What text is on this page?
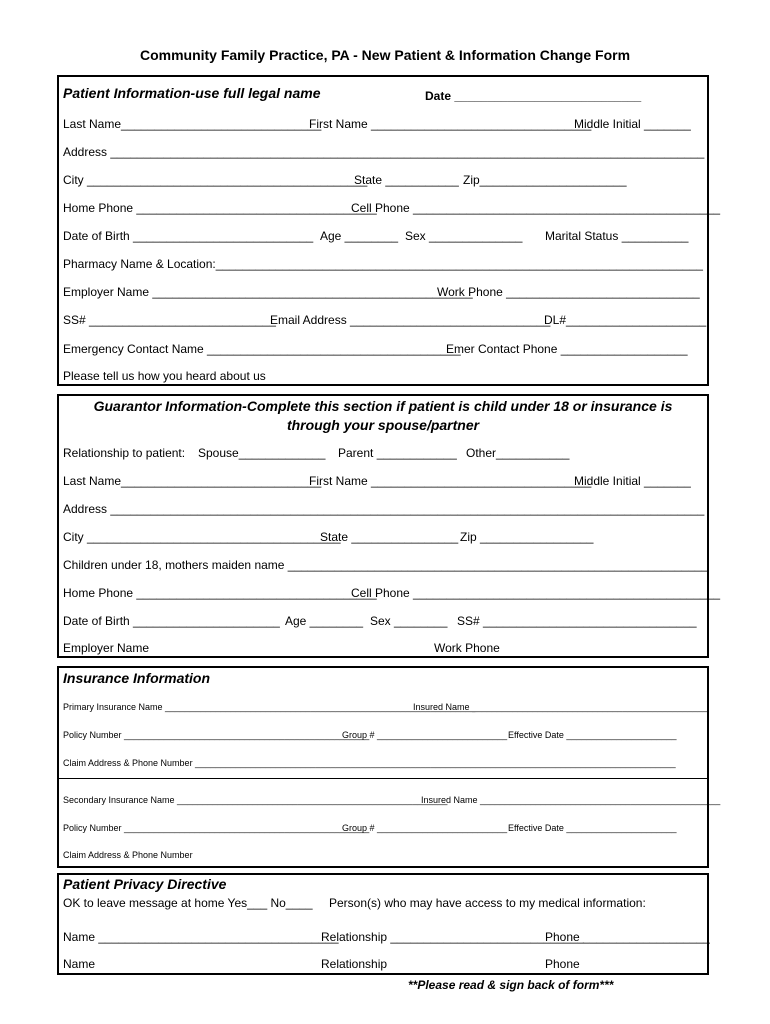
Community Family Practice, PA - New Patient & Information Change Form
Patient Information-use full legal name	Date ____________________________
Last Name______________________________
First Name _________________________________
Middle Initial _______
Address _________________________________________________________________________________________
City __________________________________________
State ___________ Zip______________________
Home Phone ____________________________________
Cell Phone ______________________________________________
Date of Birth ___________________________ Age ________ Sex ______________ Marital Status __________
Pharmacy Name & Location:_________________________________________________________________________
Employer Name ________________________________________________
Work Phone _____________________________
SS# ____________________________
Email Address ______________________________
DL#_____________________
Emergency Contact Name ______________________________________
Emer Contact Phone ___________________
Please tell us how you heard about us
Guarantor Information-Complete this section if patient is child under 18 or insurance is through your spouse/partner
Relationship to patient: Spouse_____________ Parent ____________ Other___________
Last Name______________________________
First Name _________________________________
Middle Initial _______
Address _________________________________________________________________________________________
City ______________________________________
State ________________ Zip _________________
Children under 18, mothers maiden name _______________________________________________________________
Home Phone ____________________________________
Cell Phone ______________________________________________
Date of Birth ______________________ Age ________ Sex ________ SS# ________________________________
Employer Name	Work Phone
Insurance Information
Primary Insurance Name ______________________________________________________________
Insured Name _______________________________________________
Policy Number _________________________________________________
Group # __________________________ Effective Date ______________________
Claim Address & Phone Number ________________________________________________________________________________________________
Secondary Insurance Name ______________________________________________________
Insured Name ________________________________________________
Policy Number _________________________________________________
Group # __________________________ Effective Date ______________________
Claim Address & Phone Number
Patient Privacy Directive
OK to leave message at home Yes___ No____ Person(s) who may have access to my medical information:
Name ____________________________________
Relationship _____________________________
Phone ___________________
Name	Relationship	Phone
**Please read & sign back of form***
